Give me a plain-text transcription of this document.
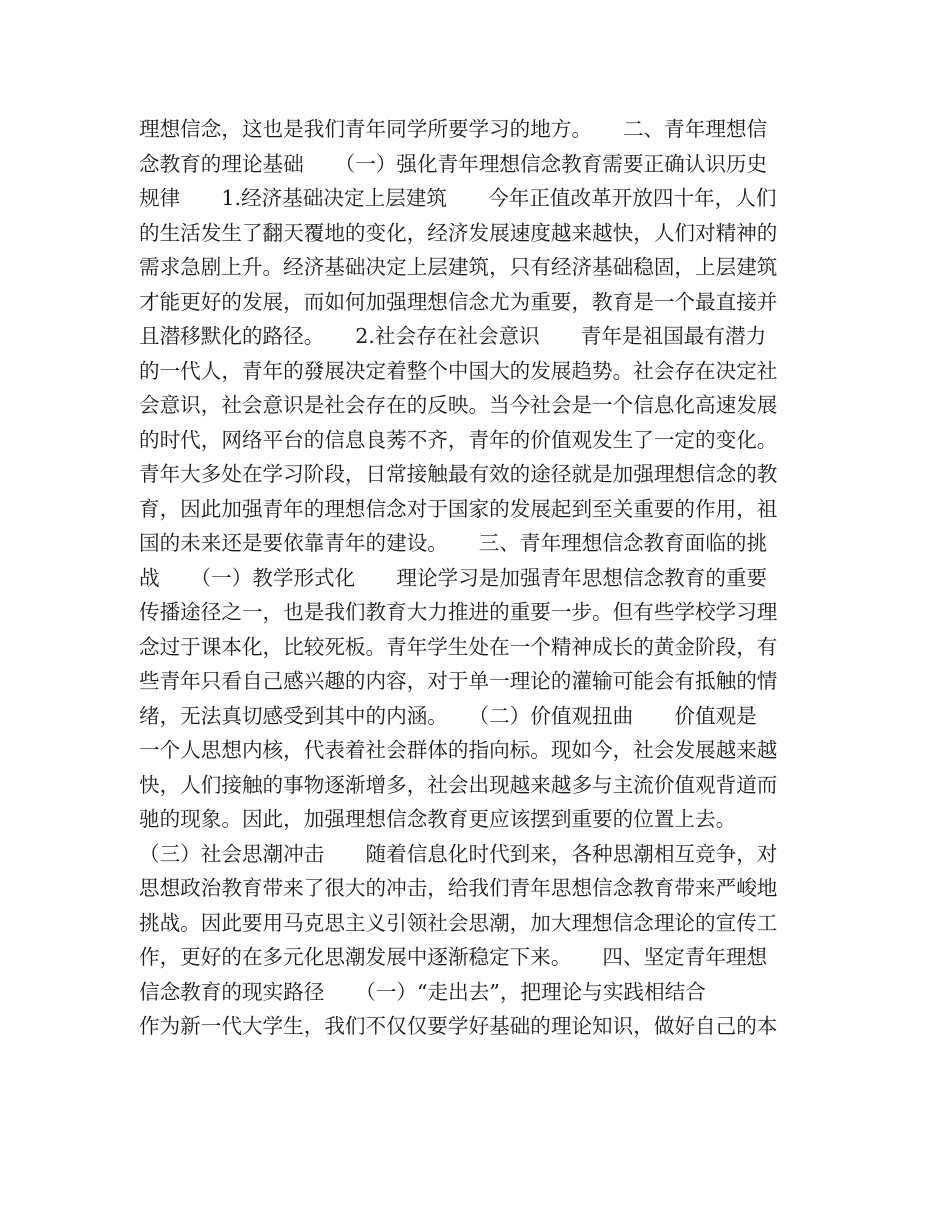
理想信念，这也是我们青年同学所要学习的地方。　　二、青年理想信
念教育的理论基础　　（一）强化青年理想信念教育需要正确认识历史
规律　　1.经济基础决定上层建筑　　今年正值改革开放四十年，人们
的生活发生了翻天覆地的变化，经济发展速度越来越快，人们对精神的
需求急剧上升。经济基础决定上层建筑，只有经济基础稳固，上层建筑
才能更好的发展，而如何加强理想信念尤为重要，教育是一个最直接并
且潜移默化的路径。　　2.社会存在社会意识　　青年是祖国最有潜力
的一代人，青年的發展决定着整个中国大的发展趋势。社会存在决定社
会意识，社会意识是社会存在的反映。当今社会是一个信息化高速发展
的时代，网络平台的信息良莠不齐，青年的价值观发生了一定的变化。
青年大多处在学习阶段，日常接触最有效的途径就是加强理想信念的教
育，因此加强青年的理想信念对于国家的发展起到至关重要的作用，祖
国的未来还是要依靠青年的建设。　　三、青年理想信念教育面临的挑
战　　（一）教学形式化　　理论学习是加强青年思想信念教育的重要
传播途径之一，也是我们教育大力推进的重要一步。但有些学校学习理
念过于课本化，比较死板。青年学生处在一个精神成长的黄金阶段，有
些青年只看自己感兴趣的内容，对于单一理论的灌输可能会有抵触的情
绪，无法真切感受到其中的内涵。　　（二）价值观扭曲　　价值观是
一个人思想内核，代表着社会群体的指向标。现如今，社会发展越来越
快，人们接触的事物逐渐增多，社会出现越来越多与主流价值观背道而
驰的现象。因此，加强理想信念教育更应该摆到重要的位置上去。
（三）社会思潮冲击　　随着信息化时代到来，各种思潮相互竞争，对
思想政治教育带来了很大的冲击，给我们青年思想信念教育带来严峻地
挑战。因此要用马克思主义引领社会思潮，加大理想信念理论的宣传工
作，更好的在多元化思潮发展中逐渐稳定下来。　　四、坚定青年理想
信念教育的现实路径　　（一）“走出去”，把理论与实践相结合
作为新一代大学生，我们不仅仅要学好基础的理论知识，做好自己的本
